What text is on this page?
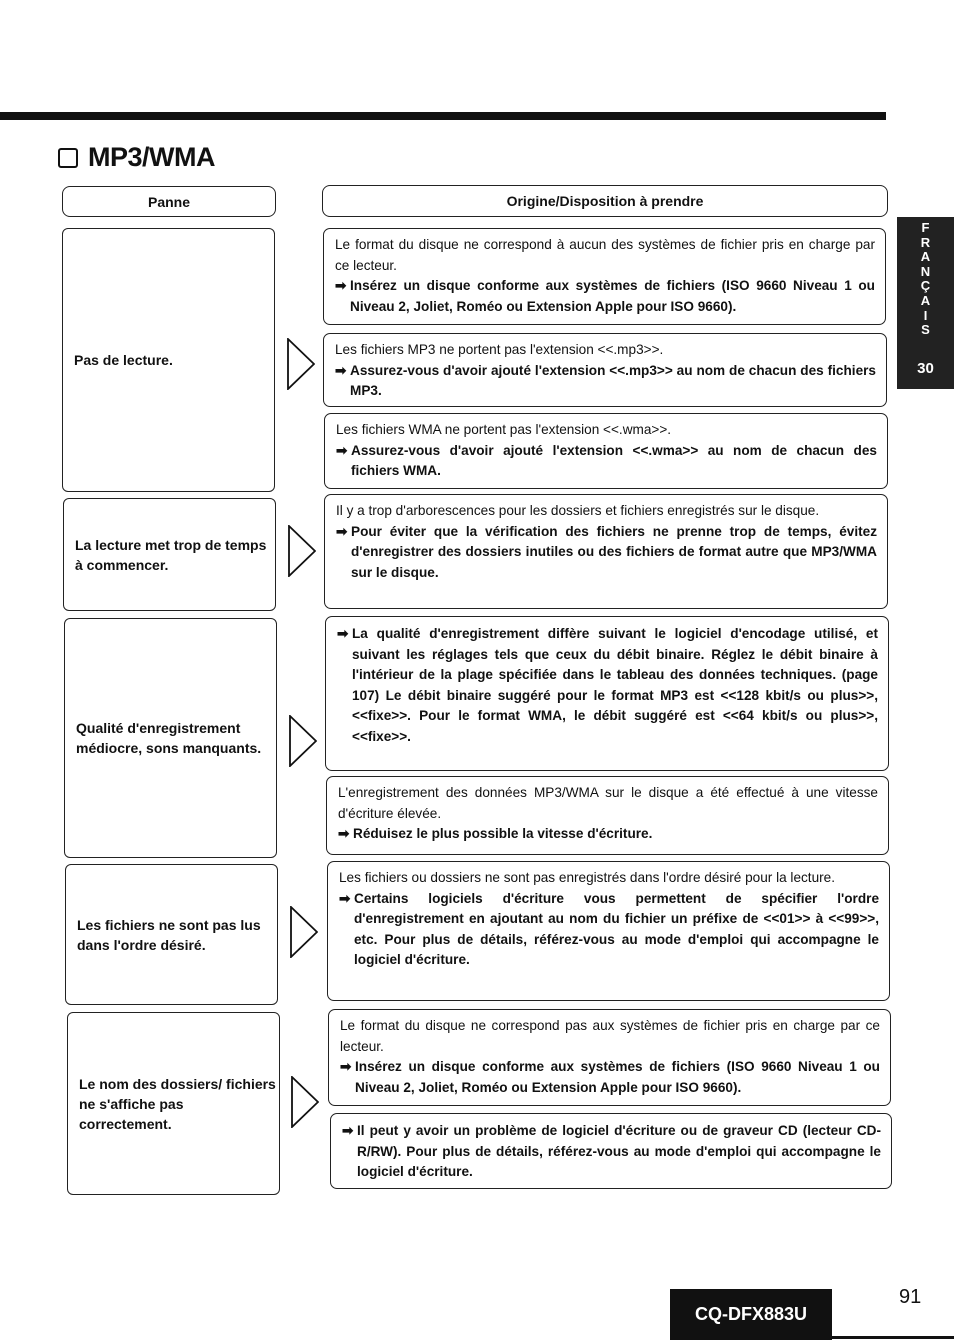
MP3/WMA
Panne	Origine/Disposition à prendre
Pas de lecture.
La lecture met trop de temps à commencer.
Qualité d'enregistrement médiocre, sons manquants.
Les fichiers ne sont pas lus dans l'ordre désiré.
Le nom des dossiers/ fichiers ne s'affiche pas correctement.
Le format du disque ne correspond à aucun des systèmes de fichier pris en charge par ce lecteur.
➡ Insérez un disque conforme aux systèmes de fichiers (ISO 9660 Niveau 1 ou Niveau 2, Joliet, Roméo ou Extension Apple pour ISO 9660).
Les fichiers MP3 ne portent pas l'extension <<.mp3>>.
➡ Assurez-vous d'avoir ajouté l'extension <<.mp3>> au nom de chacun des fichiers MP3.
Les fichiers WMA ne portent pas l'extension <<.wma>>.
➡ Assurez-vous d'avoir ajouté l'extension <<.wma>> au nom de chacun des fichiers WMA.
Il y a trop d'arborescences pour les dossiers et fichiers enregistrés sur le disque.
➡ Pour éviter que la vérification des fichiers ne prenne trop de temps, évitez d'enregistrer des dossiers inutiles ou des fichiers de format autre que MP3/WMA sur le disque.
➡ La qualité d'enregistrement diffère suivant le logiciel d'encodage utilisé, et suivant les réglages tels que ceux du débit binaire. Réglez le débit binaire à l'intérieur de la plage spécifiée dans le tableau des données techniques. (page 107) Le débit binaire suggéré pour le format MP3 est <<128 kbit/s ou plus>>, <<fixe>>. Pour le format WMA, le débit suggéré est <<64 kbit/s ou plus>>, <<fixe>>.
L'enregistrement des données MP3/WMA sur le disque a été effectué à une vitesse d'écriture élevée.
➡ Réduisez le plus possible la vitesse d'écriture.
Les fichiers ou dossiers ne sont pas enregistrés dans l'ordre désiré pour la lecture.
➡ Certains logiciels d'écriture vous permettent de spécifier l'ordre d'enregistrement en ajoutant au nom du fichier un préfixe de <<01>> à <<99>>, etc. Pour plus de détails, référez-vous au mode d'emploi qui accompagne le logiciel d'écriture.
Le format du disque ne correspond pas aux systèmes de fichier pris en charge par ce lecteur.
➡ Insérez un disque conforme aux systèmes de fichiers (ISO 9660 Niveau 1 ou Niveau 2, Joliet, Roméo ou Extension Apple pour ISO 9660).
➡ Il peut y avoir un problème de logiciel d'écriture ou de graveur CD (lecteur CD-R/RW). Pour plus de détails, référez-vous au mode d'emploi qui accompagne le logiciel d'écriture.
F
R
A
N
Ç
A
I
S
30
CQ-DFX883U
91
